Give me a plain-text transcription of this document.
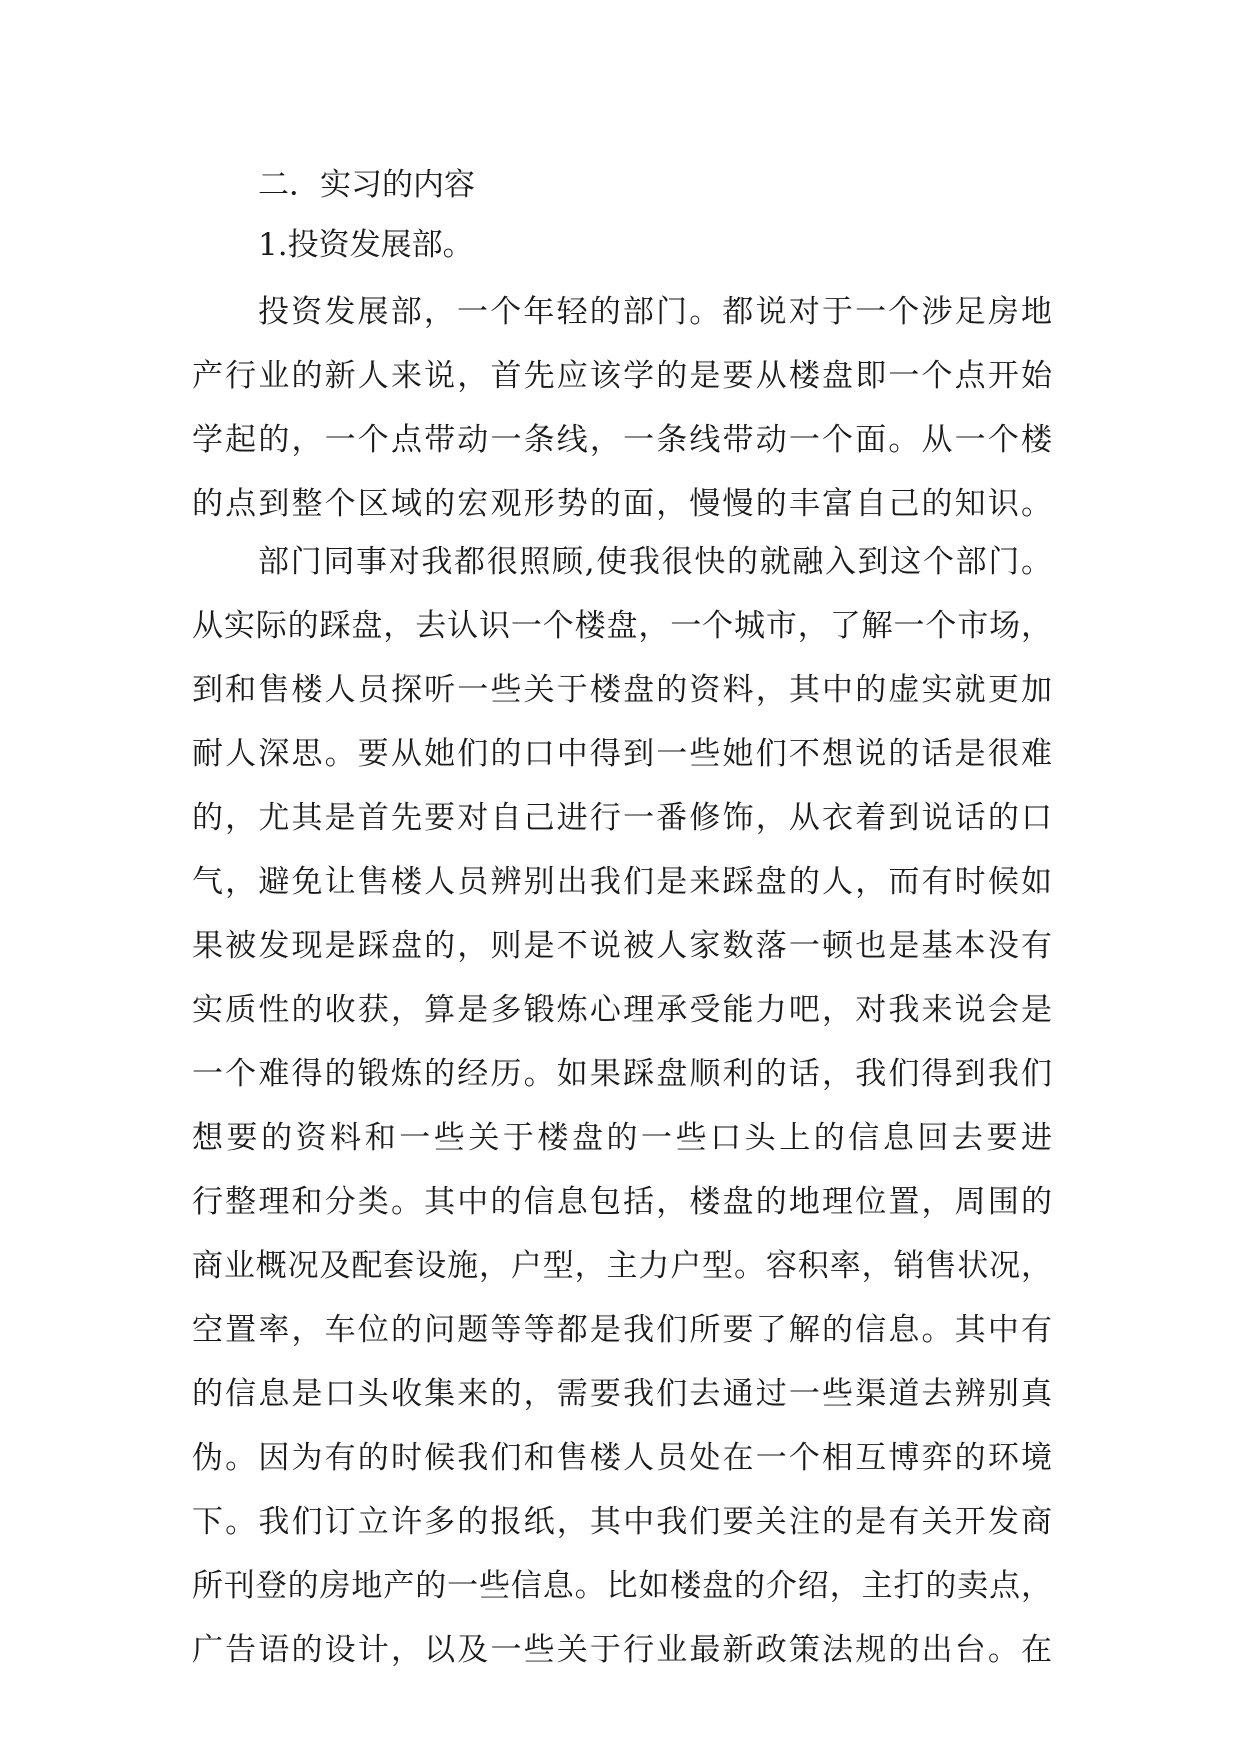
二．实习的内容
1.投资发展部。
投资发展部，一个年轻的部门。都说对于一个涉足房地
产行业的新人来说，首先应该学的是要从楼盘即一个点开始
学起的，一个点带动一条线，一条线带动一个面。从一个楼
的点到整个区域的宏观形势的面，慢慢的丰富自己的知识。
部门同事对我都很照顾,使我很快的就融入到这个部门。
从实际的踩盘，去认识一个楼盘，一个城市，了解一个市场，
到和售楼人员探听一些关于楼盘的资料，其中的虚实就更加
耐人深思。要从她们的口中得到一些她们不想说的话是很难
的，尤其是首先要对自己进行一番修饰，从衣着到说话的口
气，避免让售楼人员辨别出我们是来踩盘的人，而有时候如
果被发现是踩盘的，则是不说被人家数落一顿也是基本没有
实质性的收获，算是多锻炼心理承受能力吧，对我来说会是
一个难得的锻炼的经历。如果踩盘顺利的话，我们得到我们
想要的资料和一些关于楼盘的一些口头上的信息回去要进
行整理和分类。其中的信息包括，楼盘的地理位置，周围的
商业概况及配套设施，户型，主力户型。容积率，销售状况，
空置率，车位的问题等等都是我们所要了解的信息。其中有
的信息是口头收集来的，需要我们去通过一些渠道去辨别真
伪。因为有的时候我们和售楼人员处在一个相互博弈的环境
下。我们订立许多的报纸，其中我们要关注的是有关开发商
所刊登的房地产的一些信息。比如楼盘的介绍，主打的卖点，
广告语的设计，以及一些关于行业最新政策法规的出台。在
